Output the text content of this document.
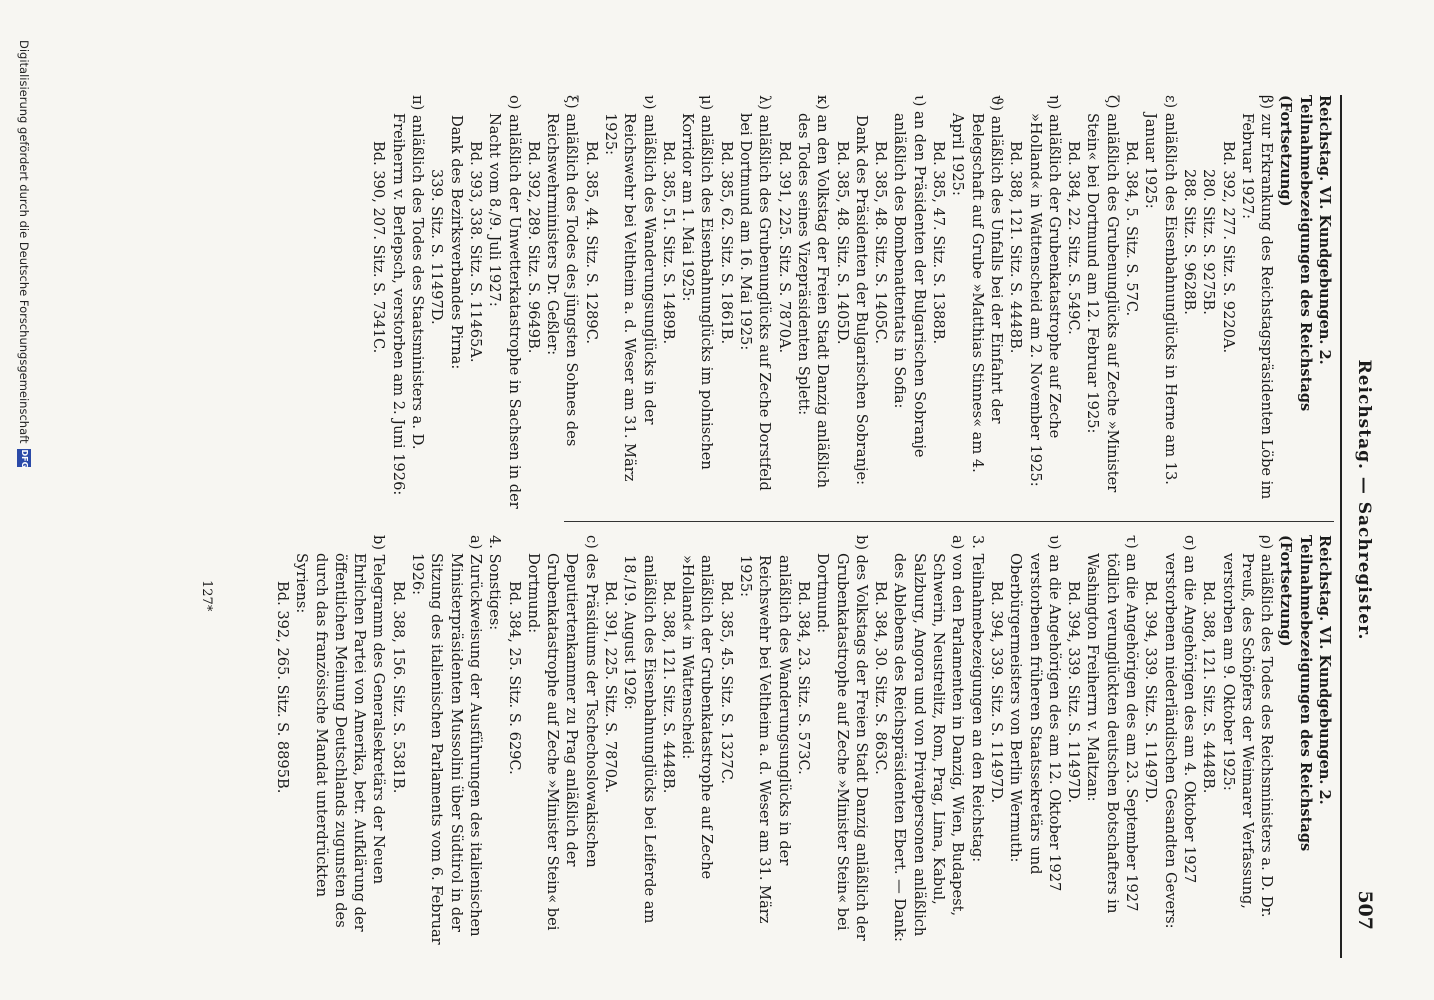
Reichstag. — Sachregister.
507

Reichstag. VI. Kundgebungen. 2. Teilnahmebezeigungen des Reichstags (Fortsetzung)

β) zur Erkrankung des Reichstagspräsidenten Löbe im Februar 1927:

Bd. 392, 277. Sitz. S. 9220A.

280. Sitz. S. 9275B.

288. Sitz. S. 9628B.

ε) anläßlich des Eisenbahnunglücks in Herne am 13. Januar 1925:

Bd. 384, 5. Sitz. S. 57C.

ζ) anläßlich des Grubenunglücks auf Zeche »Minister Stein« bei Dortmund am 12. Februar 1925:

Bd. 384, 22. Sitz. S. 549C.

η) anläßlich der Grubenkatastrophe auf Zeche »Holland« in Wattenscheid am 2. November 1925:

Bd. 388, 121. Sitz. S. 4448B.

ϑ) anläßlich des Unfalls bei der Einfahrt der Belegschaft auf Grube »Matthias Stinnes« am 4. April 1925:

Bd. 385, 47. Sitz. S. 1388B.

ι) an den Präsidenten der Bulgarischen Sobranje anläßlich des Bombenattentats in Sofia:

Bd. 385, 48. Sitz. S. 1405C.

Dank des Präsidenten der Bulgarischen Sobranje:

Bd. 385, 48. Sitz. S. 1405D.

κ) an den Volkstag der Freien Stadt Danzig anläßlich des Todes seines Vizepräsidenten Splett:

Bd. 391, 225. Sitz. S. 7870A.

λ) anläßlich des Grubenunglücks auf Zeche Dorstfeld bei Dortmund am 16. Mai 1925:

Bd. 385, 62. Sitz. S. 1861B.

μ) anläßlich des Eisenbahnunglücks im polnischen Korridor am 1. Mai 1925:

Bd. 385, 51. Sitz. S. 1489B.

ν) anläßlich des Wanderungsunglücks in der Reichswehr bei Veltheim a. d. Weser am 31. März 1925:

Bd. 385, 44. Sitz. S. 1289C.

ξ) anläßlich des Todes des jüngsten Sohnes des Reichswehrministers Dr. Geßler:

Bd. 392, 289. Sitz. S. 9649B.

ο) anläßlich der Unwetterkatastrophe in Sachsen in der Nacht vom 8./9. Juli 1927:

Bd. 393, 338. Sitz. S. 11465A.

Dank des Bezirksverbandes Pirna:

339. Sitz. S. 11497D.

π) anläßlich des Todes des Staatsministers a. D. Freiherrn v. Berlepsch, verstorben am 2. Juni 1926:

Bd. 390, 207. Sitz. S. 7341C.

Reichstag. VI. Kundgebungen. 2. Teilnahmebezeigungen des Reichstags (Fortsetzung)

ρ) anläßlich des Todes des Reichsministers a. D. Dr. Preuß, des Schöpfers der Weimarer Verfassung, verstorben am 9. Oktober 1925:

Bd. 388, 121. Sitz. S. 4448B.

σ) an die Angehörigen des am 4. Oktober 1927 verstorbenen niederländischen Gesandten Gevers:

Bd. 394, 339. Sitz. S. 11497D.

τ) an die Angehörigen des am 23. September 1927 tödlich verunglückten deutschen Botschafters in Washington Freiherrn v. Maltzan:

Bd. 394, 339. Sitz. S. 11497D.

υ) an die Angehörigen des am 12. Oktober 1927 verstorbenen früheren Staatssekretärs und Oberbürgermeisters von Berlin Wermuth:

Bd. 394, 339. Sitz. S. 11497D.

3. Teilnahmebezeigungen an den Reichstag:

a) von den Parlamenten in Danzig, Wien, Budapest, Schwerin, Neustrelitz, Rom, Prag, Lima, Kabul, Salzburg, Angora und von Privatpersonen anläßlich des Ablebens des Reichspräsidenten Ebert. — Dank:

Bd. 384, 30. Sitz. S. 863C.

b) des Volkstags der Freien Stadt Danzig anläßlich der Grubenkatastrophe auf Zeche »Minister Stein« bei Dortmund:

Bd. 384, 23. Sitz. S. 573C.

anläßlich des Wanderungsunglücks in der Reichswehr bei Veltheim a. d. Weser am 31. März 1925:

Bd. 385, 45. Sitz. S. 1327C.

anläßlich der Grubenkatastrophe auf Zeche »Holland« in Wattenscheid:

Bd. 388, 121. Sitz. S. 4448B.

anläßlich des Eisenbahnunglücks bei Leiferde am 18./19. August 1926:

Bd. 391, 225. Sitz. S. 7870A.

c) des Präsidiums der Tschechoslowakischen Deputiertenkammer zu Prag anläßlich der Grubenkatastrophe auf Zeche »Minister Stein« bei Dortmund:

Bd. 384, 25. Sitz. S. 629C.

4. Sonstiges:

a) Zurückweisung der Ausführungen des italienischen Ministerpräsidenten Mussolini über Südtirol in der Sitzung des italienischen Parlaments vom 6. Februar 1926:

Bd. 388, 156. Sitz. S. 5381B.

b) Telegramm des Generalsekretärs der Neuen Ehrlichen Partei von Amerika, betr. Aufklärung der öffentlichen Meinung Deutschlands zugunsten des durch das französische Mandat unterdrückten Syriens:

Bd. 392, 265. Sitz. S. 8895B.

127*
Digitalisierung gefördert durch die Deutsche Forschungsgemeinschaft
DFG
